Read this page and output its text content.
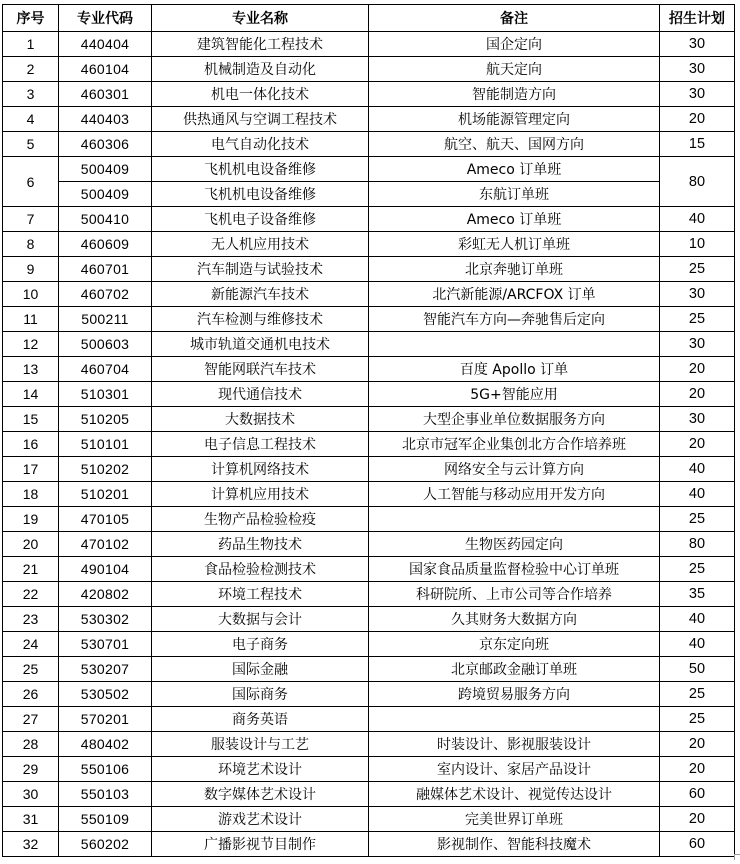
序号	专业代码	专业名称	备注	招生计划
1	440404	建筑智能化工程技术	国企定向	30
2	460104	机械制造及自动化	航天定向	30
3	460301	机电一体化技术	智能制造方向	30
4	440403	供热通风与空调工程技术	机场能源管理定向	20
5	460306	电气自动化技术	航空、航天、国网方向	15
6	500409	飞机机电设备维修	Ameco 订单班	80
	500409	飞机机电设备维修	东航订单班	
7	500410	飞机电子设备维修	Ameco 订单班	40
8	460609	无人机应用技术	彩虹无人机订单班	10
9	460701	汽车制造与试验技术	北京奔驰订单班	25
10	460702	新能源汽车技术	北汽新能源/ARCFOX 订单	30
11	500211	汽车检测与维修技术	智能汽车方向—奔驰售后定向	25
12	500603	城市轨道交通机电技术		30
13	460704	智能网联汽车技术	百度 Apollo 订单	20
14	510301	现代通信技术	5G+智能应用	20
15	510205	大数据技术	大型企事业单位数据服务方向	30
16	510101	电子信息工程技术	北京市冠军企业集创北方合作培养班	20
17	510202	计算机网络技术	网络安全与云计算方向	40
18	510201	计算机应用技术	人工智能与移动应用开发方向	40
19	470105	生物产品检验检疫		25
20	470102	药品生物技术	生物医药园定向	80
21	490104	食品检验检测技术	国家食品质量监督检验中心订单班	25
22	420802	环境工程技术	科研院所、上市公司等合作培养	35
23	530302	大数据与会计	久其财务大数据方向	40
24	530701	电子商务	京东定向班	40
25	530207	国际金融	北京邮政金融订单班	50
26	530502	国际商务	跨境贸易服务方向	25
27	570201	商务英语		25
28	480402	服装设计与工艺	时装设计、影视服装设计	20
29	550106	环境艺术设计	室内设计、家居产品设计	20
30	550103	数字媒体艺术设计	融媒体艺术设计、视觉传达设计	60
31	550109	游戏艺术设计	完美世界订单班	20
32	560202	广播影视节目制作	影视制作、智能科技魔术	60
